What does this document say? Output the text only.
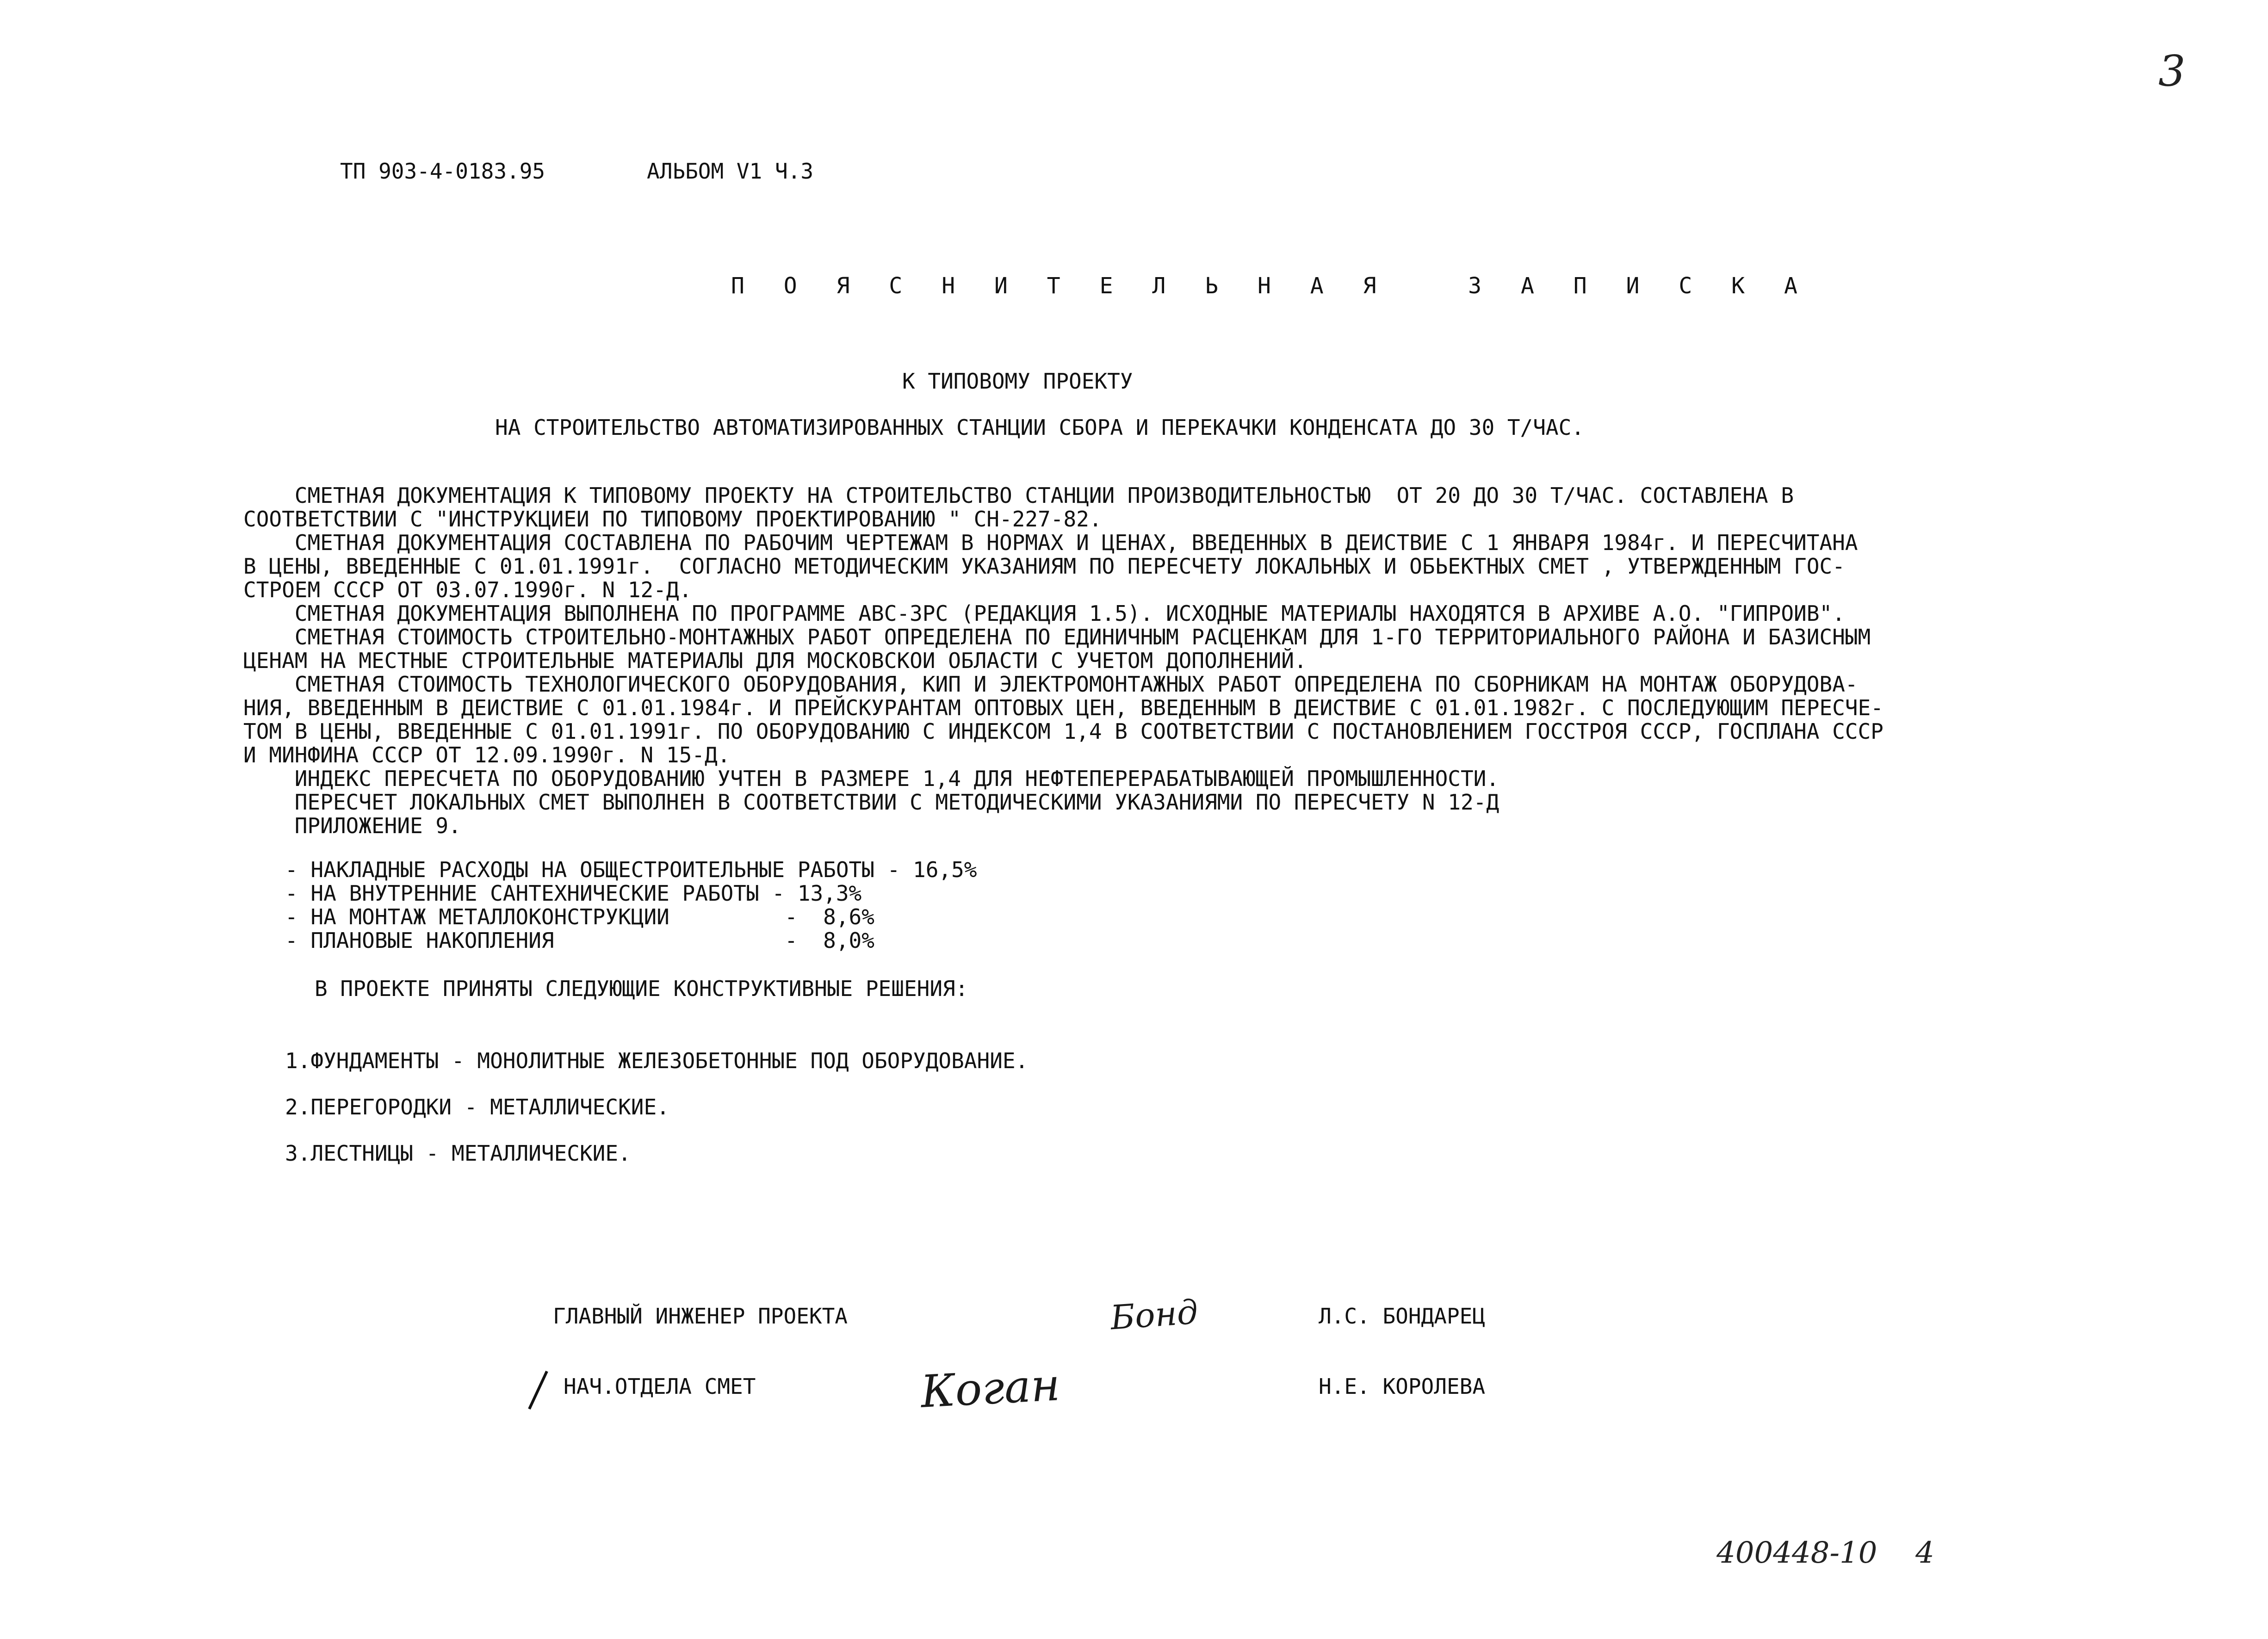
3
ТП 903-4-0183.95	АЛЬБОМ V1 Ч.3
П О Я С Н И Т Е Л Ь Н А Я   З А П И С К А
К ТИПОВОМУ ПРОЕКТУ
НА СТРОИТЕЛЬСТВО АВТОМАТИЗИРОВАННЫХ СТАНЦИИ СБОРА И ПЕРЕКАЧКИ КОНДЕНСАТА ДО 30 Т/ЧАС.
СМЕТНАЯ ДОКУМЕНТАЦИЯ К ТИПОВОМУ ПРОЕКТУ НА СТРОИТЕЛЬСТВО СТАНЦИИ ПРОИЗВОДИТЕЛЬНОСТЬЮ  ОТ 20 ДО 30 Т/ЧАС. СОСТАВЛЕНА В
СООТВЕТСТВИИ С "ИНСТРУКЦИЕИ ПО ТИПОВОМУ ПРОЕКТИРОВАНИЮ " СН-227-82.
СМЕТНАЯ ДОКУМЕНТАЦИЯ СОСТАВЛЕНА ПО РАБОЧИМ ЧЕРТЕЖАМ В НОРМАХ И ЦЕНАХ, ВВЕДЕННЫХ В ДЕИСТВИЕ С 1 ЯНВАРЯ 1984г. И ПЕРЕСЧИТАНА
В ЦЕНЫ, ВВЕДЕННЫЕ С 01.01.1991г.  СОГЛАСНО МЕТОДИЧЕСКИМ УКАЗАНИЯМ ПО ПЕРЕСЧЕТУ ЛОКАЛЬНЫХ И ОБЬЕКТНЫХ СМЕТ , УТВЕРЖДЕННЫМ ГОС-
СТРОЕМ СССР ОТ 03.07.1990г. N 12-Д.
СМЕТНАЯ ДОКУМЕНТАЦИЯ ВЫПОЛНЕНА ПО ПРОГРАММЕ АВС-3РС (РЕДАКЦИЯ 1.5). ИСХОДНЫЕ МАТЕРИАЛЫ НАХОДЯТСЯ В АРХИВЕ А.О. "ГИПРОИВ".
СМЕТНАЯ СТОИМОСТЬ СТРОИТЕЛЬНО-МОНТАЖНЫХ РАБОТ ОПРЕДЕЛЕНА ПО ЕДИНИЧНЫМ РАСЦЕНКАМ ДЛЯ 1-ГО ТЕРРИТОРИАЛЬНОГО РАЙОНА И БАЗИСНЫМ
ЦЕНАМ НА МЕСТНЫЕ СТРОИТЕЛЬНЫЕ МАТЕРИАЛЫ ДЛЯ МОСКОВСКОИ ОБЛАСТИ С УЧЕТОМ ДОПОЛНЕНИЙ.
СМЕТНАЯ СТОИМОСТЬ ТЕХНОЛОГИЧЕСКОГО ОБОРУДОВАНИЯ, КИП И ЭЛЕКТРОМОНТАЖНЫХ РАБОТ ОПРЕДЕЛЕНА ПО СБОРНИКАМ НА МОНТАЖ ОБОРУДОВА-
НИЯ, ВВЕДЕННЫМ В ДЕИСТВИЕ С 01.01.1984г. И ПРЕЙСКУРАНТАМ ОПТОВЫХ ЦЕН, ВВЕДЕННЫМ В ДЕИСТВИЕ С 01.01.1982г. С ПОСЛЕДУЮЩИМ ПЕРЕСЧЕ-
ТОМ В ЦЕНЫ, ВВЕДЕННЫЕ С 01.01.1991г. ПО ОБОРУДОВАНИЮ С ИНДЕКСОМ 1,4 В СООТВЕТСТВИИ С ПОСТАНОВЛЕНИЕМ ГОССТРОЯ СССР, ГОСПЛАНА СССР
И МИНФИНА СССР ОТ 12.09.1990г. N 15-Д.
ИНДЕКС ПЕРЕСЧЕТА ПО ОБОРУДОВАНИЮ УЧТЕН В РАЗМЕРЕ 1,4 ДЛЯ НЕФТЕПЕРЕРАБАТЫВАЮЩЕЙ ПРОМЫШЛЕННОСТИ.
ПЕРЕСЧЕТ ЛОКАЛЬНЫХ СМЕТ ВЫПОЛНЕН В СООТВЕТСТВИИ С МЕТОДИЧЕСКИМИ УКАЗАНИЯМИ ПО ПЕРЕСЧЕТУ N 12-Д
ПРИЛОЖЕНИЕ 9.
- НАКЛАДНЫЕ РАСХОДЫ НА ОБЩЕСТРОИТЕЛЬНЫЕ РАБОТЫ - 16,5%
- НА ВНУТРЕННИЕ САНТЕХНИЧЕСКИЕ РАБОТЫ - 13,3%
- НА МОНТАЖ МЕТАЛЛОКОНСТРУКЦИИ         -  8,6%
- ПЛАНОВЫЕ НАКОПЛЕНИЯ                  -  8,0%
В ПРОЕКТЕ ПРИНЯТЫ СЛЕДУЮЩИЕ КОНСТРУКТИВНЫЕ РЕШЕНИЯ:
1.ФУНДАМЕНТЫ - МОНОЛИТНЫЕ ЖЕЛЕЗОБЕТОННЫЕ ПОД ОБОРУДОВАНИЕ.
2.ПЕРЕГОРОДКИ - МЕТАЛЛИЧЕСКИЕ.
3.ЛЕСТНИЦЫ - МЕТАЛЛИЧЕСКИЕ.
ГЛАВНЫЙ ИНЖЕНЕР ПРОЕКТА	Бонд	Л.С. БОНДАРЕЦ
НАЧ.ОТДЕЛА СМЕТ	Коган	Н.Е. КОРОЛЕВА
400448-10 4
